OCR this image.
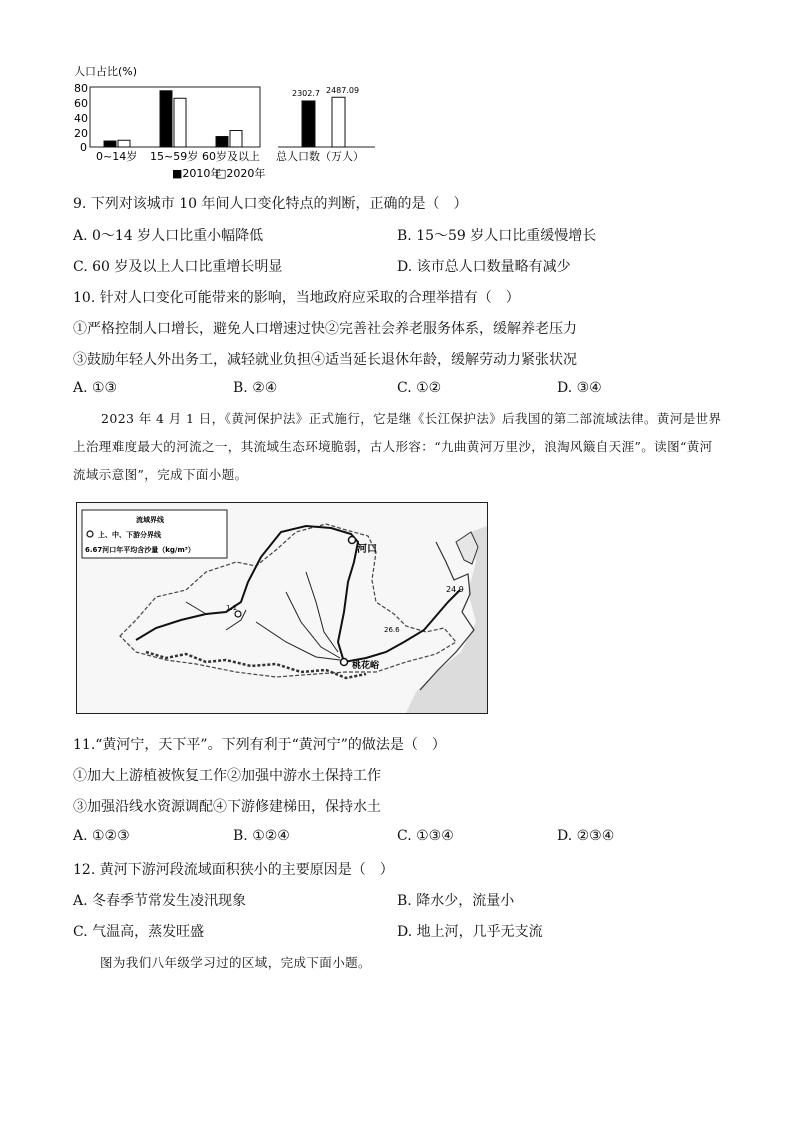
人口占比(%)
80
60
40
20
0
0~14岁 15~59岁 60岁及以上
2302.7 2487.09
总人口数（万人）
■2010年
□2020年
9. 下列对该城市 10 年间人口变化特点的判断，正确的是（　）
A. 0～14 岁人口比重小幅降低	B. 15～59 岁人口比重缓慢增长
C. 60 岁及以上人口比重增长明显	D. 该市总人口数量略有减少
10. 针对人口变化可能带来的影响，当地政府应采取的合理举措有（　）
①严格控制人口增长，避免人口增速过快②完善社会养老服务体系，缓解养老压力
③鼓励年轻人外出务工，减轻就业负担④适当延长退休年龄，缓解劳动力紧张状况
A. ①③	B. ②④	C. ①②	D. ③④
2023 年 4 月 1 日，《黄河保护法》正式施行，它是继《长江保护法》后我国的第二部流域法律。黄河是世界上治理难度最大的河流之一，其流域生态环境脆弱，古人形容：“九曲黄河万里沙，浪淘风簸自天涯”。读图“黄河流域示意图”，完成下面小题。
河口
桃花峪
24.9
1.1
26.6
流域界线
上、中、下游分界线
6.67河口年平均含沙量（kg/m³）
11.“黄河宁，天下平”。下列有利于“黄河宁”的做法是（　）
①加大上游植被恢复工作②加强中游水土保持工作
③加强沿线水资源调配④下游修建梯田，保持水土
A. ①②③	B. ①②④	C. ①③④	D. ②③④
12. 黄河下游河段流域面积狭小的主要原因是（　）
A. 冬春季节常发生凌汛现象	B. 降水少，流量小
C. 气温高，蒸发旺盛	D. 地上河，几乎无支流
图为我们八年级学习过的区域，完成下面小题。
